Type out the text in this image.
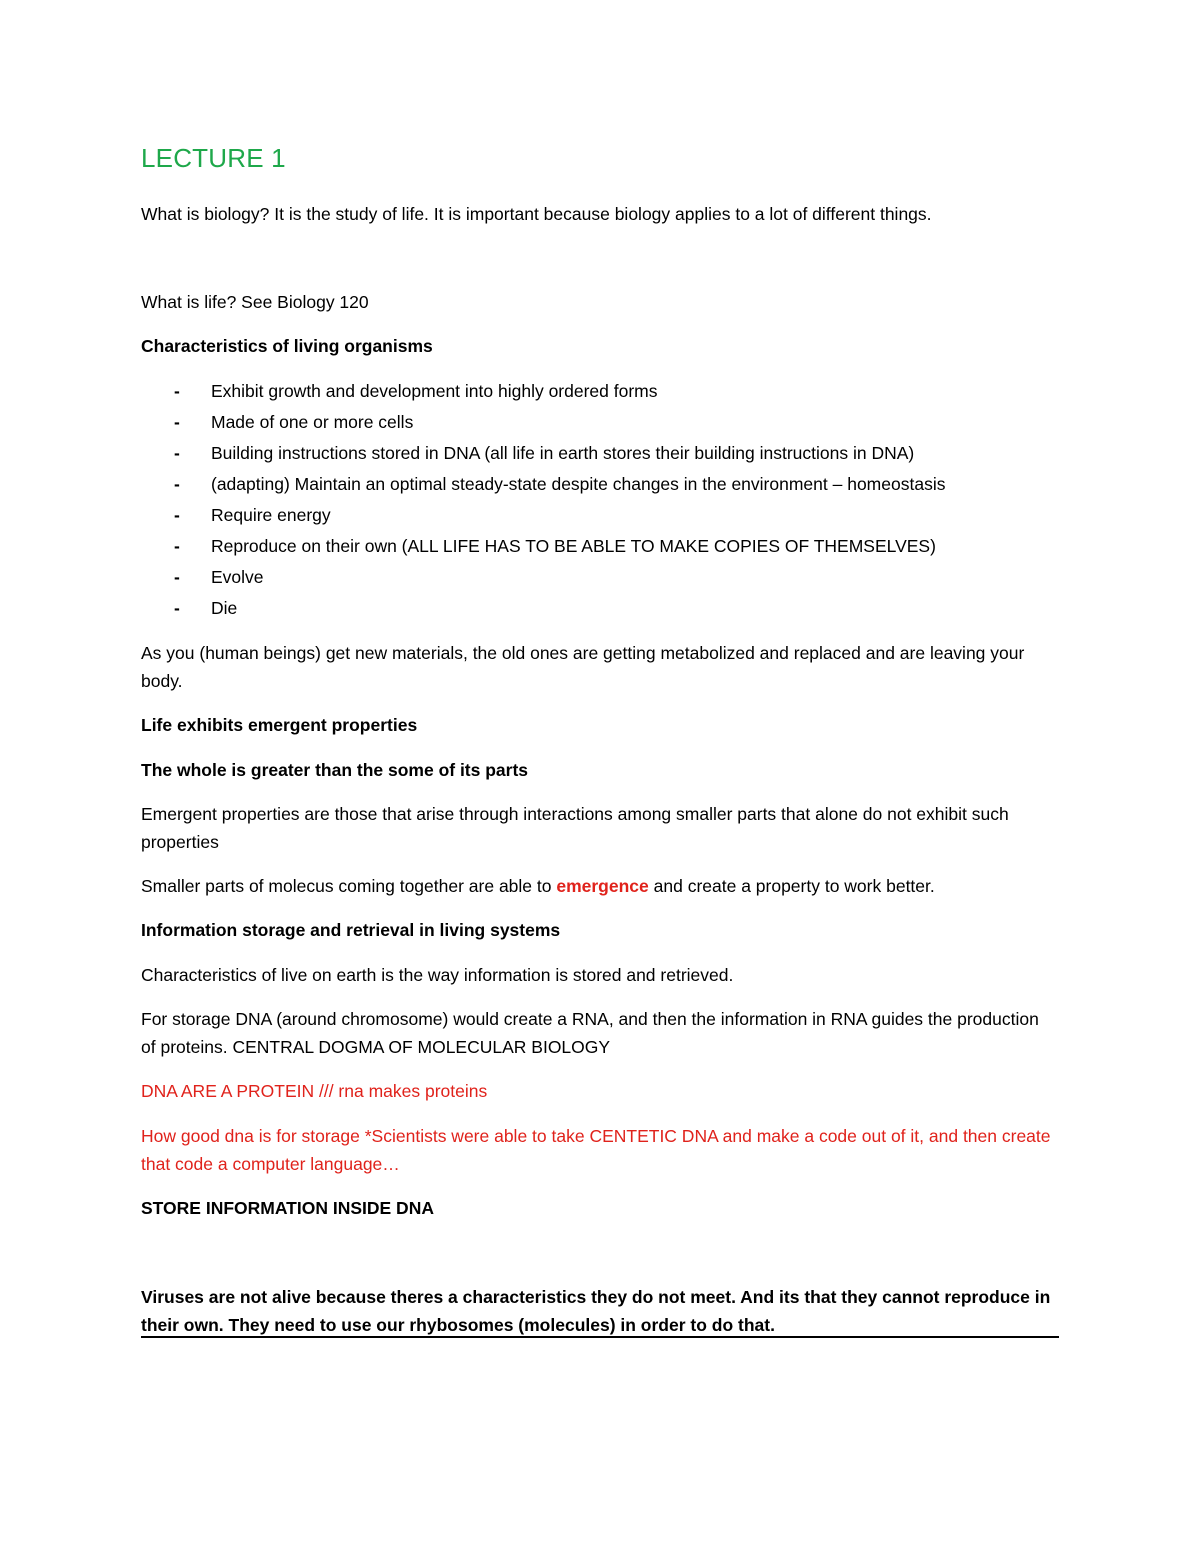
LECTURE 1
What is biology? It is the study of life. It is important because biology applies to a lot of different things.
What is life? See Biology 120
Characteristics of living organisms
- Exhibit growth and development into highly ordered forms
- Made of one or more cells
- Building instructions stored in DNA (all life in earth stores their building instructions in DNA)
- (adapting) Maintain an optimal steady-state despite changes in the environment – homeostasis
- Require energy
- Reproduce on their own (ALL LIFE HAS TO BE ABLE TO MAKE COPIES OF THEMSELVES)
- Evolve
- Die
As you (human beings) get new materials, the old ones are getting metabolized and replaced and are leaving your body.
Life exhibits emergent properties
The whole is greater than the some of its parts
Emergent properties are those that arise through interactions among smaller parts that alone do not exhibit such properties
Smaller parts of molecus coming together are able to emergence and create a property to work better.
Information storage and retrieval in living systems
Characteristics of live on earth is the way information is stored and retrieved.
For storage DNA (around chromosome) would create a RNA, and then the information in RNA guides the production of proteins. CENTRAL DOGMA OF MOLECULAR BIOLOGY
DNA ARE A PROTEIN /// rna makes proteins
How good dna is for storage *Scientists were able to take CENTETIC DNA and make a code out of it, and then create that code a computer language…
STORE INFORMATION INSIDE DNA
Viruses are not alive because theres a characteristics they do not meet. And its that they cannot reproduce in their own. They need to use our rhybosomes (molecules) in order to do that.
